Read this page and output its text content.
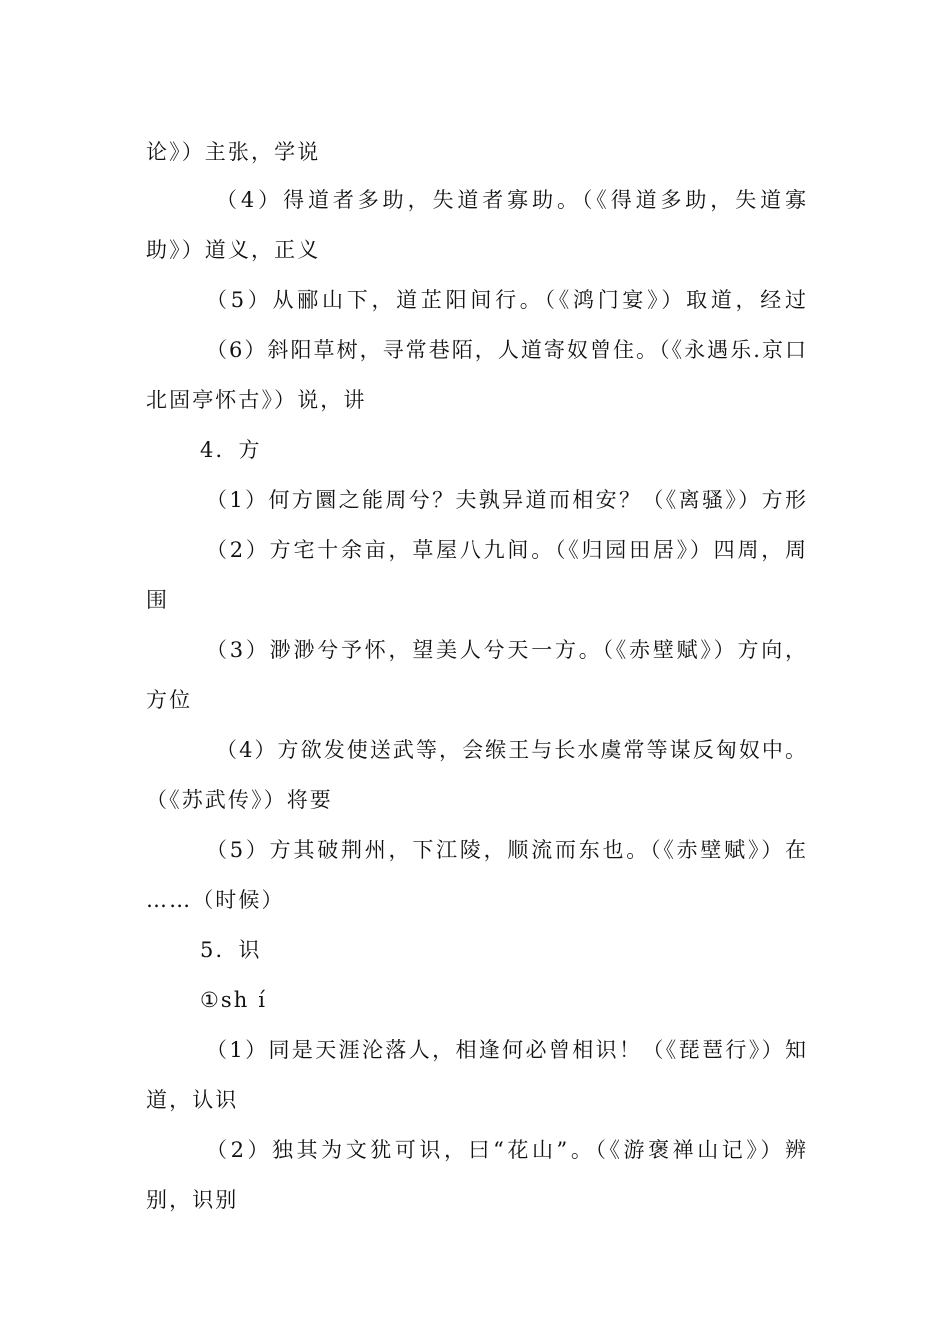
论》）主张，学说
（4）得道者多助，失道者寡助。（《得道多助，失道寡
助》）道义，正义
（5）从郦山下，道芷阳间行。（《鸿门宴》）取道，经过
（6）斜阳草树，寻常巷陌，人道寄奴曾住。（《永遇乐.京口
北固亭怀古》）说，讲
4．方
（1）何方圜之能周兮？夫孰异道而相安？（《离骚》）方形
（2）方宅十余亩，草屋八九间。（《归园田居》）四周，周
围
（3）渺渺兮予怀，望美人兮天一方。（《赤壁赋》）方向，
方位
（4）方欲发使送武等，会缑王与长水虞常等谋反匈奴中。
（《苏武传》）将要
（5）方其破荆州，下江陵，顺流而东也。（《赤壁赋》）在
……（时候）
5．识
①sh í
（1）同是天涯沦落人，相逢何必曾相识！（《琵琶行》）知
道，认识
（2）独其为文犹可识，曰“花山”。（《游褒禅山记》）辨
别，识别
